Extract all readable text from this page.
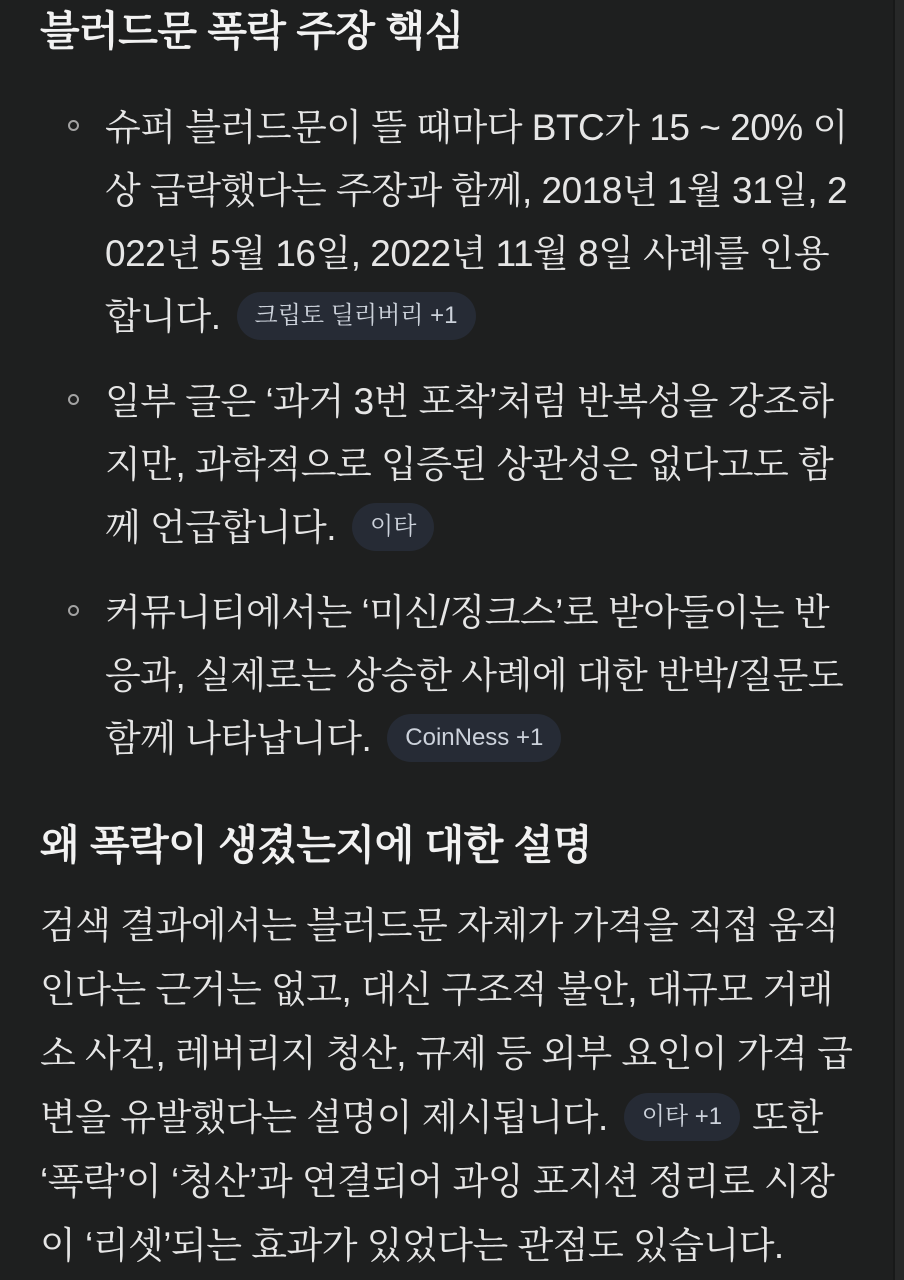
블러드문 폭락 주장 핵심
슈퍼 블러드문이 뜰 때마다 BTC가 15 ~ 20% 이상 급락했다는 주장과 함께, 2018년 1월 31일, 2022년 5월 16일, 2022년 11월 8일 사례를 인용합니다. 크립토 딜리버리 +1
일부 글은 ‘과거 3번 포착’처럼 반복성을 강조하지만, 과학적으로 입증된 상관성은 없다고도 함께 언급합니다. 이타
커뮤니티에서는 ‘미신/징크스’로 받아들이는 반응과, 실제로는 상승한 사례에 대한 반박/질문도 함께 나타납니다. CoinNess +1
왜 폭락이 생겼는지에 대한 설명

검색 결과에서는 블러드문 자체가 가격을 직접 움직인다는 근거는 없고, 대신 구조적 불안, 대규모 거래소 사건, 레버리지 청산, 규제 등 외부 요인이 가격 급변을 유발했다는 설명이 제시됩니다. 이타 +1 또한 ‘폭락’이 ‘청산’과 연결되어 과잉 포지션 정리로 시장이 ‘리셋’되는 효과가 있었다는 관점도 있습니다.
